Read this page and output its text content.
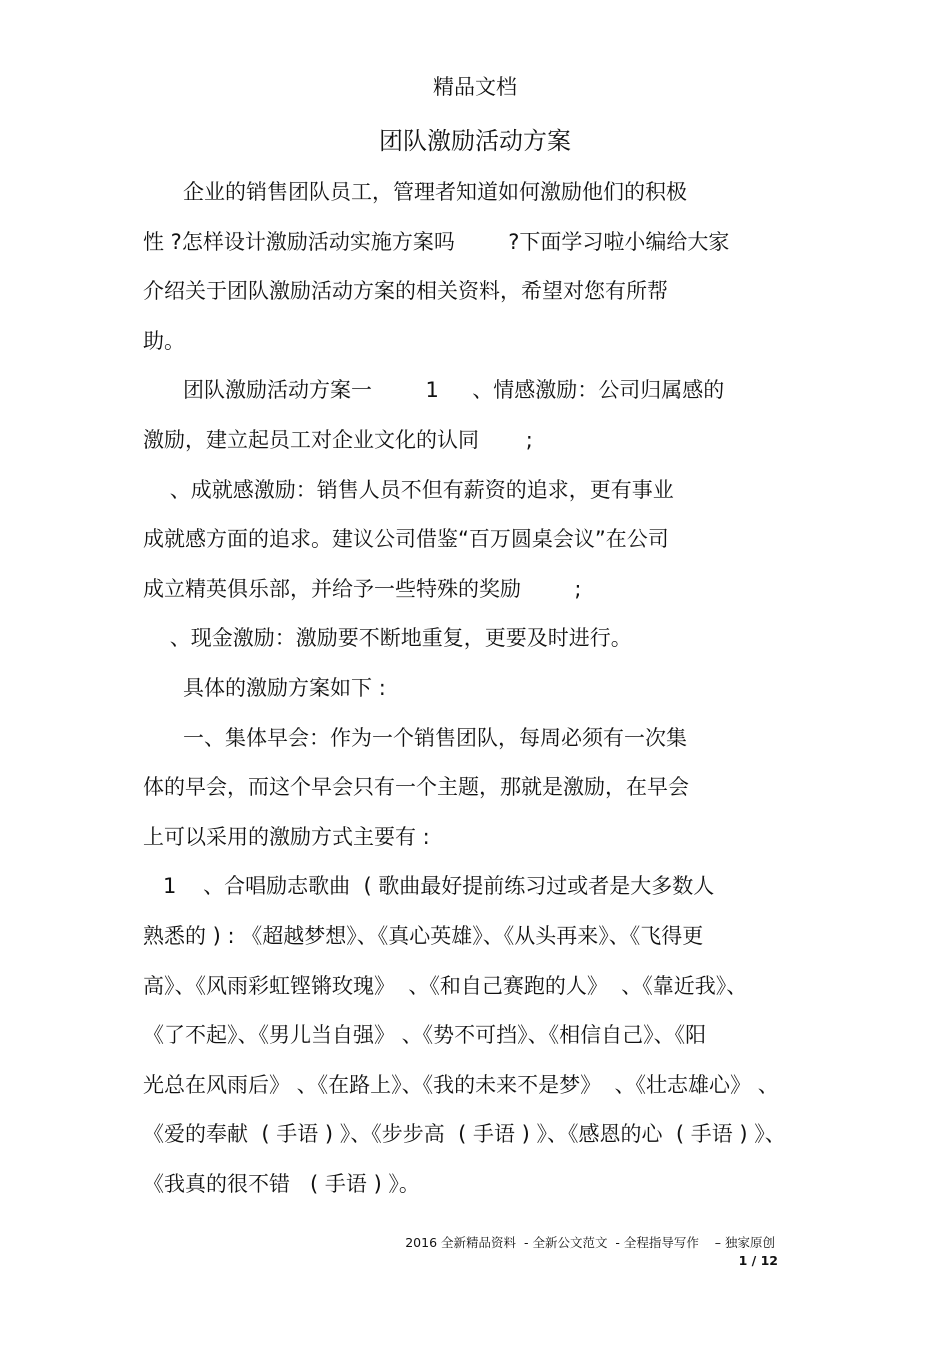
精品文档
团队激励活动方案
企业的销售团队员工，管理者知道如何激励他们的积极
性 ?怎样设计激励活动实施方案吗        ?下面学习啦小编给大家
介绍关于团队激励活动方案的相关资料，希望对您有所帮
助。
团队激励活动方案一        1     、情感激励：公司归属感的
激励，建立起员工对企业文化的认同       ;
、成就感激励：销售人员不但有薪资的追求，更有事业
成就感方面的追求。建议公司借鉴“百万圆桌会议”在公司
成立精英俱乐部，并给予一些特殊的奖励        ;
、现金激励：激励要不断地重复，更要及时进行。
具体的激励方案如下 :
一、集体早会：作为一个销售团队，每周必须有一次集
体的早会，而这个早会只有一个主题，那就是激励，在早会
上可以采用的激励方式主要有 :
1    、合唱励志歌曲  ( 歌曲最好提前练习过或者是大多数人
熟悉的 ) : 《超越梦想》、《真心英雄》、《从头再来》、《飞得更
高》、《风雨彩虹铿锵玫瑰》  、《和自己赛跑的人》  、《靠近我》、
《了不起》、《男儿当自强》 、《势不可挡》、《相信自己》、《阳
光总在风雨后》 、《在路上》、《我的未来不是梦》  、《壮志雄心》 、
《爱的奉献  ( 手语 ) 》、《步步高  ( 手语 ) 》、《感恩的心  ( 手语 ) 》、
《我真的很不错   ( 手语 ) 》。
2016 全新精品资料  - 全新公文范文  - 全程指导写作    – 独家原创
1 / 12
